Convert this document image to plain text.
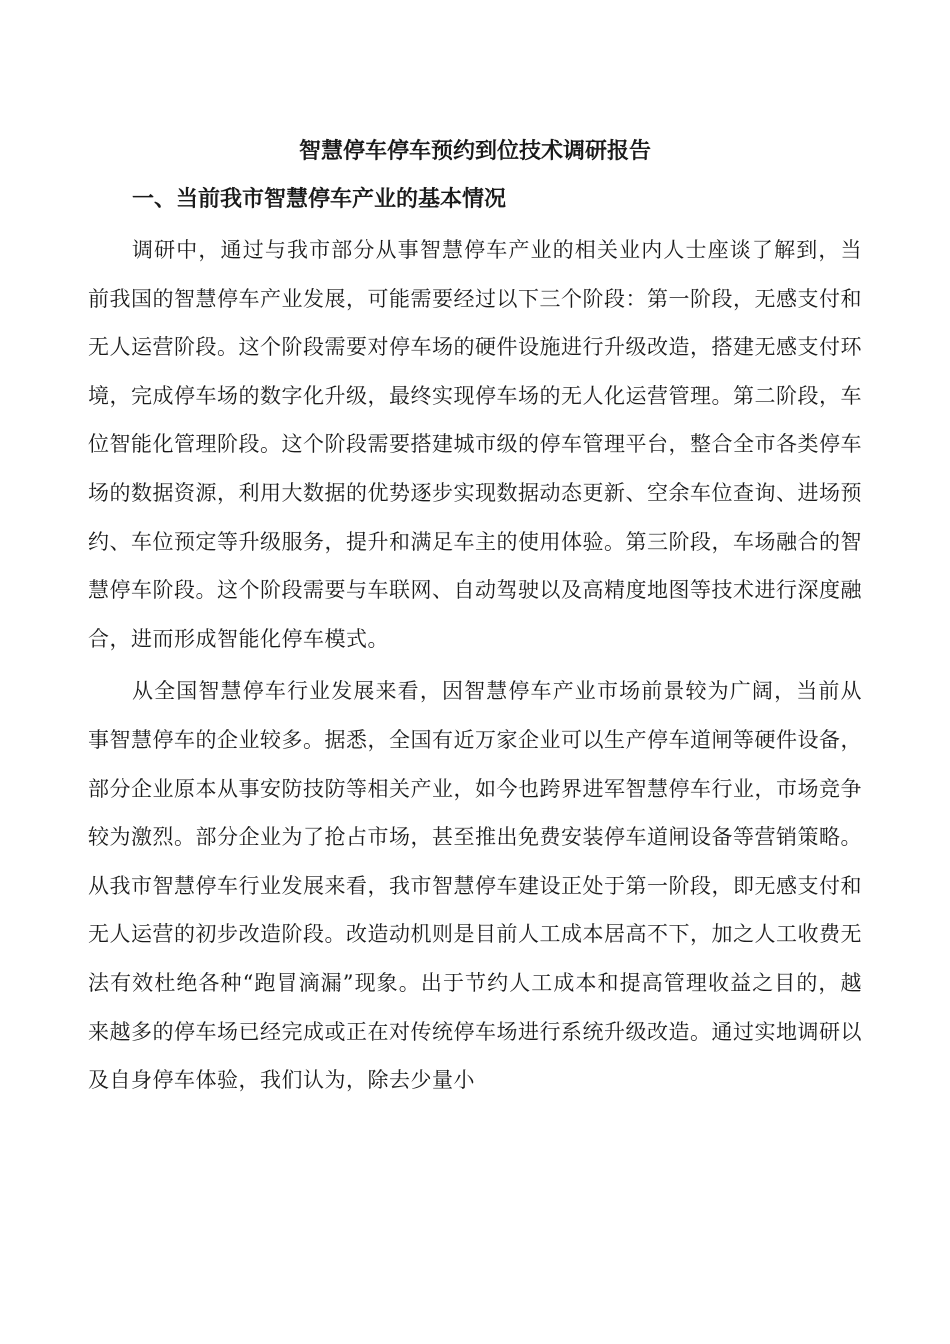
智慧停车停车预约到位技术调研报告
一、当前我市智慧停车产业的基本情况

调研中，通过与我市部分从事智慧停车产业的相关业内人士座谈了解到，当前我国的智慧停车产业发展，可能需要经过以下三个阶段：第一阶段，无感支付和无人运营阶段。这个阶段需要对停车场的硬件设施进行升级改造，搭建无感支付环境，完成停车场的数字化升级，最终实现停车场的无人化运营管理。第二阶段，车位智能化管理阶段。这个阶段需要搭建城市级的停车管理平台，整合全市各类停车场的数据资源，利用大数据的优势逐步实现数据动态更新、空余车位查询、进场预约、车位预定等升级服务，提升和满足车主的使用体验。第三阶段，车场融合的智慧停车阶段。这个阶段需要与车联网、自动驾驶以及高精度地图等技术进行深度融合，进而形成智能化停车模式。

从全国智慧停车行业发展来看，因智慧停车产业市场前景较为广阔，当前从事智慧停车的企业较多。据悉，全国有近万家企业可以生产停车道闸等硬件设备，部分企业原本从事安防技防等相关产业，如今也跨界进军智慧停车行业，市场竞争较为激烈。部分企业为了抢占市场，甚至推出免费安装停车道闸设备等营销策略。从我市智慧停车行业发展来看，我市智慧停车建设正处于第一阶段，即无感支付和无人运营的初步改造阶段。改造动机则是目前人工成本居高不下，加之人工收费无法有效杜绝各种“跑冒滴漏”现象。出于节约人工成本和提高管理收益之目的，越来越多的停车场已经完成或正在对传统停车场进行系统升级改造。通过实地调研以及自身停车体验，我们认为，除去少量小
